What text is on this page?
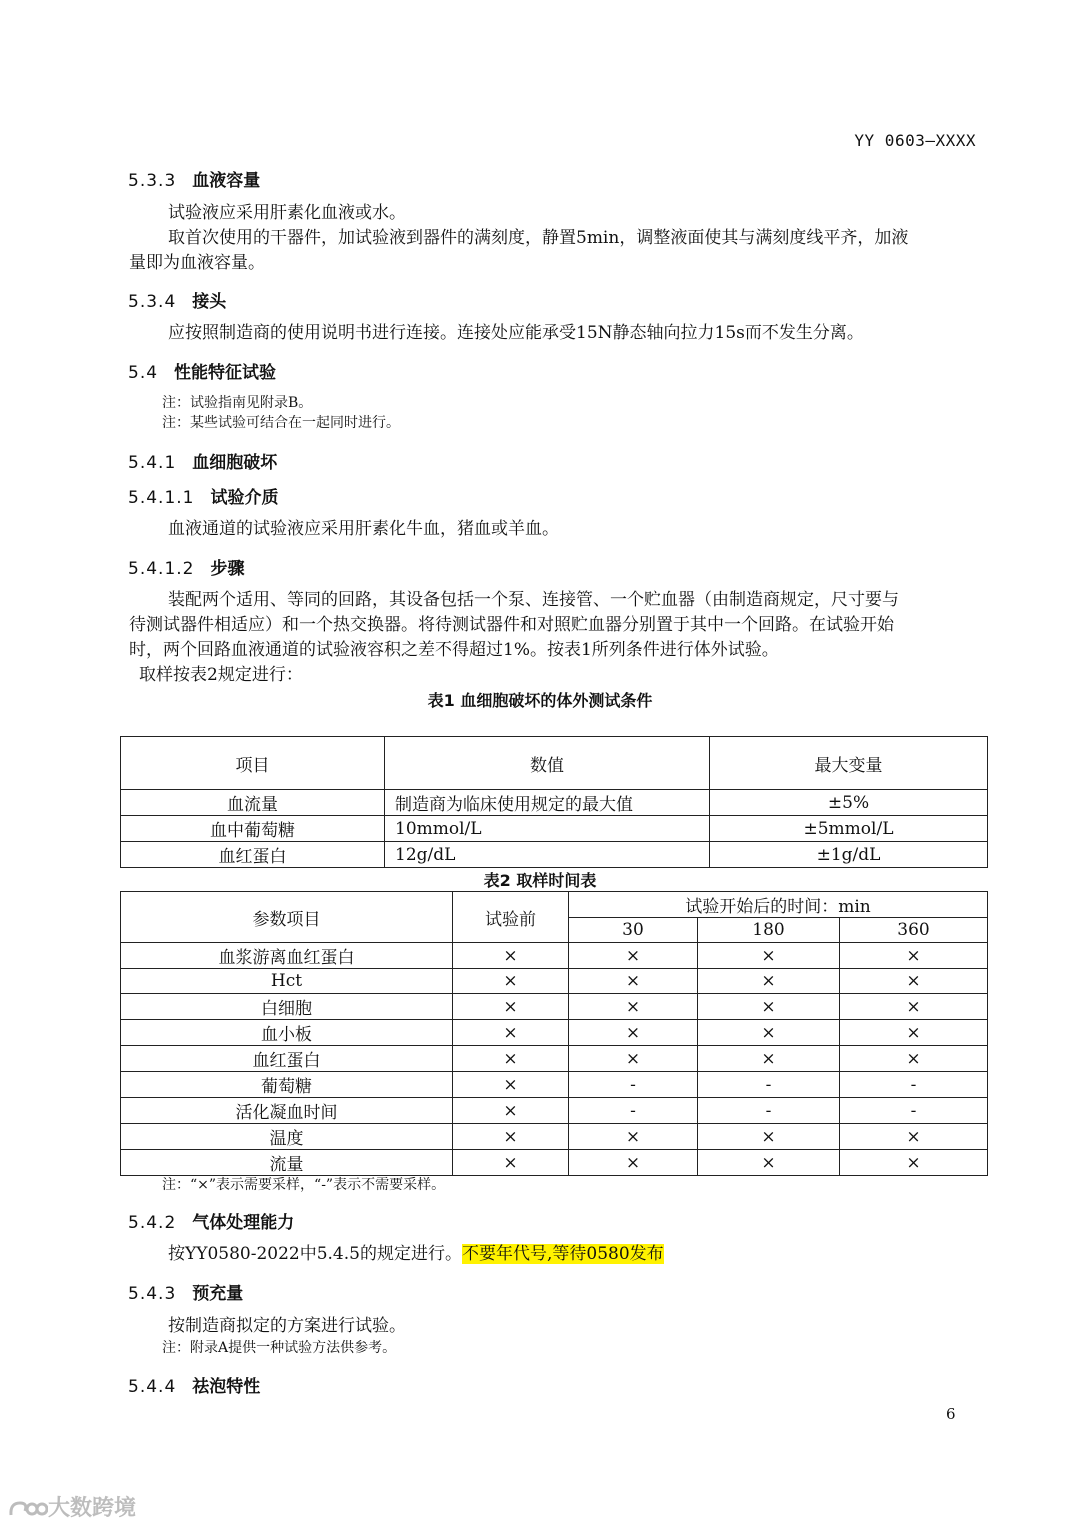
YY 0603—XXXX
5.3.3 血液容量
试验液应采用肝素化血液或水。
取首次使用的干器件，加试验液到器件的满刻度，静置5min，调整液面使其与满刻度线平齐，加液
量即为血液容量。
5.3.4 接头
应按照制造商的使用说明书进行连接。连接处应能承受15N静态轴向拉力15s而不发生分离。
5.4 性能特征试验
注：试验指南见附录B。
注：某些试验可结合在一起同时进行。
5.4.1 血细胞破坏
5.4.1.1 试验介质
血液通道的试验液应采用肝素化牛血，猪血或羊血。
5.4.1.2 步骤
装配两个适用、等同的回路，其设备包括一个泵、连接管、一个贮血器（由制造商规定，尺寸要与
待测试器件相适应）和一个热交换器。将待测试器件和对照贮血器分别置于其中一个回路。在试验开始
时，两个回路血液通道的试验液容积之差不得超过1%。按表1所列条件进行体外试验。
取样按表2规定进行：
表1 血细胞破坏的体外测试条件
项目	数值	最大变量
血流量	制造商为临床使用规定的最大值	±5%
血中葡萄糖	10mmol/L	±5mmol/L
血红蛋白	12g/dL	±1g/dL
表2 取样时间表
参数项目	试验前	试验开始后的时间：min		
		30	180	360
血浆游离血红蛋白	×	×	×	×
Hct	×	×	×	×
白细胞	×	×	×	×
血小板	×	×	×	×
血红蛋白	×	×	×	×
葡萄糖	×	-	-	-
活化凝血时间	×	-	-	-
温度	×	×	×	×
流量	×	×	×	×
注：“×”表示需要采样，“-”表示不需要采样。
5.4.2 气体处理能力
按YY0580-2022中5.4.5的规定进行。不要年代号,等待0580发布
5.4.3 预充量
按制造商拟定的方案进行试验。
注：附录A提供一种试验方法供参考。
5.4.4 祛泡特性
6
大数跨境
